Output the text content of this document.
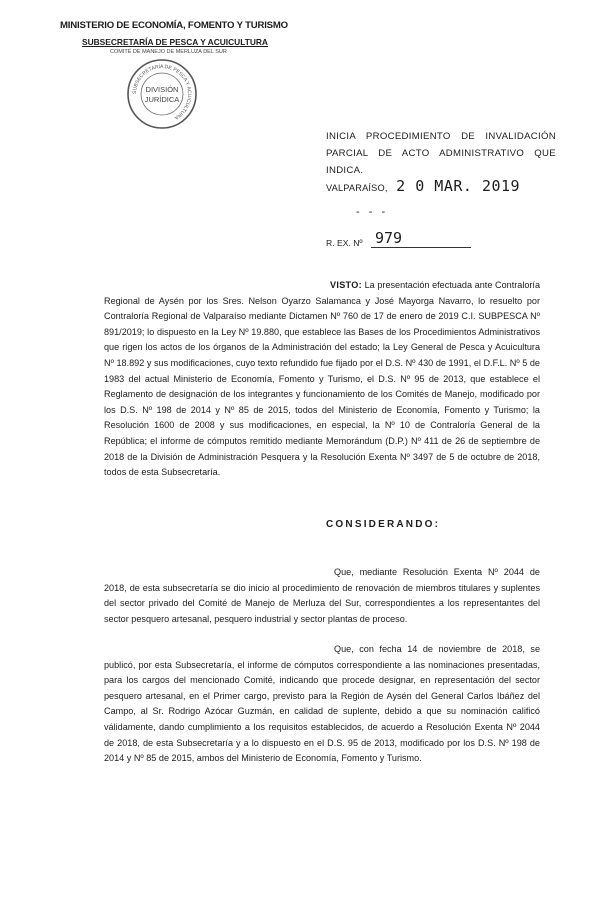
MINISTERIO DE ECONOMÍA, FOMENTO Y TURISMO
SUBSECRETARÍA DE PESCA Y ACUICULTURA
COMITÉ DE MANEJO DE MERLUZA DEL SUR
SUBSECRETARÍA DE PESCA Y ACUICULTURA
DIVISIÓN
JURÍDICA
INICIA PROCEDIMIENTO DE INVALIDACIÓN PARCIAL DE ACTO ADMINISTRATIVO QUE INDICA.
VALPARAÍSO, 2 0 MAR. 2019
- - -
R. EX. Nº 979
VISTO: La presentación efectuada ante Contraloría Regional de Aysén por los Sres. Nelson Oyarzo Salamanca y José Mayorga Navarro, lo resuelto por Contraloría Regional de Valparaíso mediante Dictamen Nº 760 de 17 de enero de 2019 C.I. SUBPESCA Nº 891/2019; lo dispuesto en la Ley Nº 19.880, que establece las Bases de los Procedimientos Administrativos que rigen los actos de los órganos de la Administración del estado; la Ley General de Pesca y Acuicultura Nº 18.892 y sus modificaciones, cuyo texto refundido fue fijado por el D.S. Nº 430 de 1991, el D.F.L. Nº 5 de 1983 del actual Ministerio de Economía, Fomento y Turismo, el D.S. Nº 95 de 2013, que establece el Reglamento de designación de los integrantes y funcionamiento de los Comités de Manejo, modificado por los D.S. Nº 198 de 2014 y Nº 85 de 2015, todos del Ministerio de Economía, Fomento y Turismo; la Resolución 1600 de 2008 y sus modificaciones, en especial, la Nº 10 de Contraloría General de la República; el informe de cómputos remitido mediante Memorándum (D.P.) Nº 411 de 26 de septiembre de 2018 de la División de Administración Pesquera y la Resolución Exenta Nº 3497 de 5 de octubre de 2018, todos de esta Subsecretaría.
CONSIDERANDO:
Que, mediante Resolución Exenta Nº 2044 de 2018, de esta subsecretaría se dio inicio al procedimiento de renovación de miembros titulares y suplentes del sector privado del Comité de Manejo de Merluza del Sur, correspondientes a los representantes del sector pesquero artesanal, pesquero industrial y sector plantas de proceso.
Que, con fecha 14 de noviembre de 2018, se publicó, por esta Subsecretaría, el informe de cómputos correspondiente a las nominaciones presentadas, para los cargos del mencionado Comité, indicando que procede designar, en representación del sector pesquero artesanal, en el Primer cargo, previsto para la Región de Aysén del General Carlos Ibáñez del Campo, al Sr. Rodrigo Azócar Guzmán, en calidad de suplente, debido a que su nominación calificó válidamente, dando cumplimiento a los requisitos establecidos, de acuerdo a Resolución Exenta Nº 2044 de 2018, de esta Subsecretaría y a lo dispuesto en el D.S. 95 de 2013, modificado por los D.S. Nº 198 de 2014 y Nº 85 de 2015, ambos del Ministerio de Economía, Fomento y Turismo.
